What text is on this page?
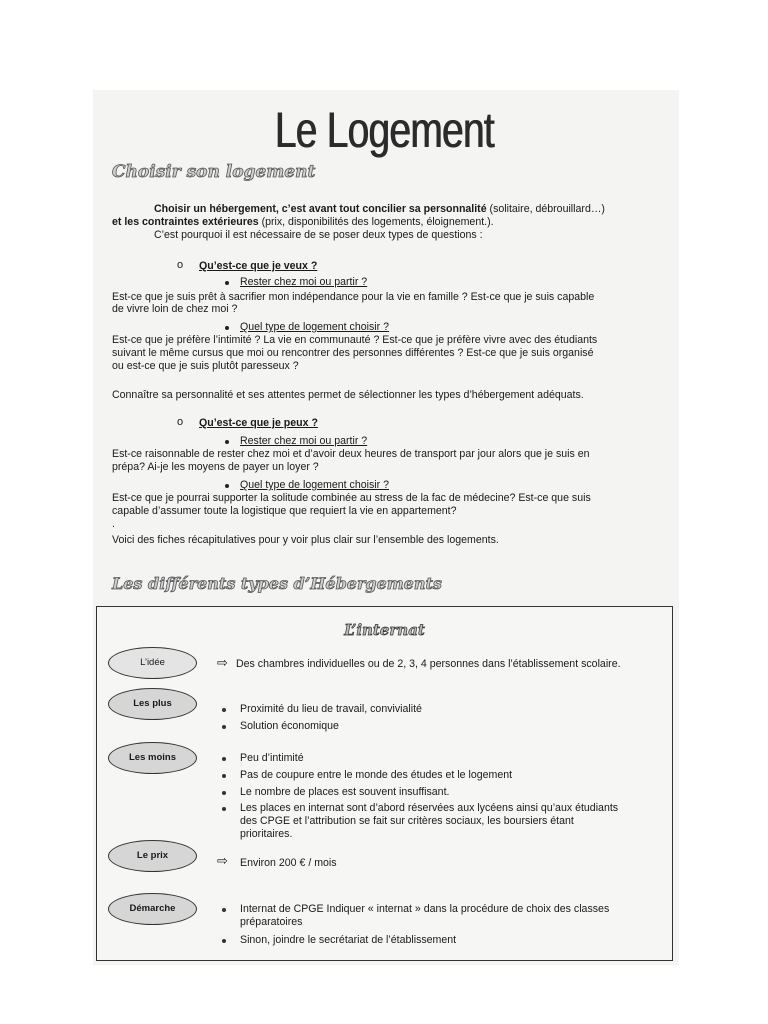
Le Logement
Choisir son logement
Choisir un hébergement, c’est avant tout concilier sa personnalité (solitaire, débrouillard…)
et les contraintes extérieures (prix, disponibilités des logements, éloignement.).
C’est pourquoi il est nécessaire de se poser deux types de questions :
o Qu’est-ce que je veux ?
Rester chez moi ou partir ?
Est-ce que je suis prêt à sacrifier mon indépendance pour la vie en famille ? Est-ce que je suis capable
de vivre loin de chez moi ?
Quel type de logement choisir ?
Est-ce que je préfère l’intimité ? La vie en communauté ? Est-ce que je préfère vivre avec des étudiants
suivant le même cursus que moi ou rencontrer des personnes différentes ? Est-ce que je suis organisé
ou est-ce que je suis plutôt paresseux ?
Connaître sa personnalité et ses attentes permet de sélectionner les types d’hébergement adéquats.
o Qu’est-ce que je peux ?
Rester chez moi ou partir ?
Est-ce raisonnable de rester chez moi et d’avoir deux heures de transport par jour alors que je suis en
prépa? Ai-je les moyens de payer un loyer ?
Quel type de logement choisir ?
Est-ce que je pourrai supporter la solitude combinée au stress de la fac de médecine? Est-ce que suis
capable d’assumer toute la logistique que requiert la vie en appartement?
.
Voici des fiches récapitulatives pour y voir plus clair sur l’ensemble des logements.
Les différents types d’Hébergements
L’internat
L’idée	⇨ Des chambres individuelles ou de 2, 3, 4 personnes dans l’établissement scolaire.
Les plus	Proximité du lieu de travail, convivialité
Solution économique
Les moins	Peu d’intimité
Pas de coupure entre le monde des études et le logement
Le nombre de places est souvent insuffisant.
Les places en internat sont d’abord réservées aux lycéens ainsi qu’aux étudiants
des CPGE et l’attribution se fait sur critères sociaux, les boursiers étant
prioritaires.
Le prix	⇨ Environ 200 € / mois
Démarche	Internat de CPGE Indiquer « internat » dans la procédure de choix des classes
préparatoires
Sinon, joindre le secrétariat de l’établissement
